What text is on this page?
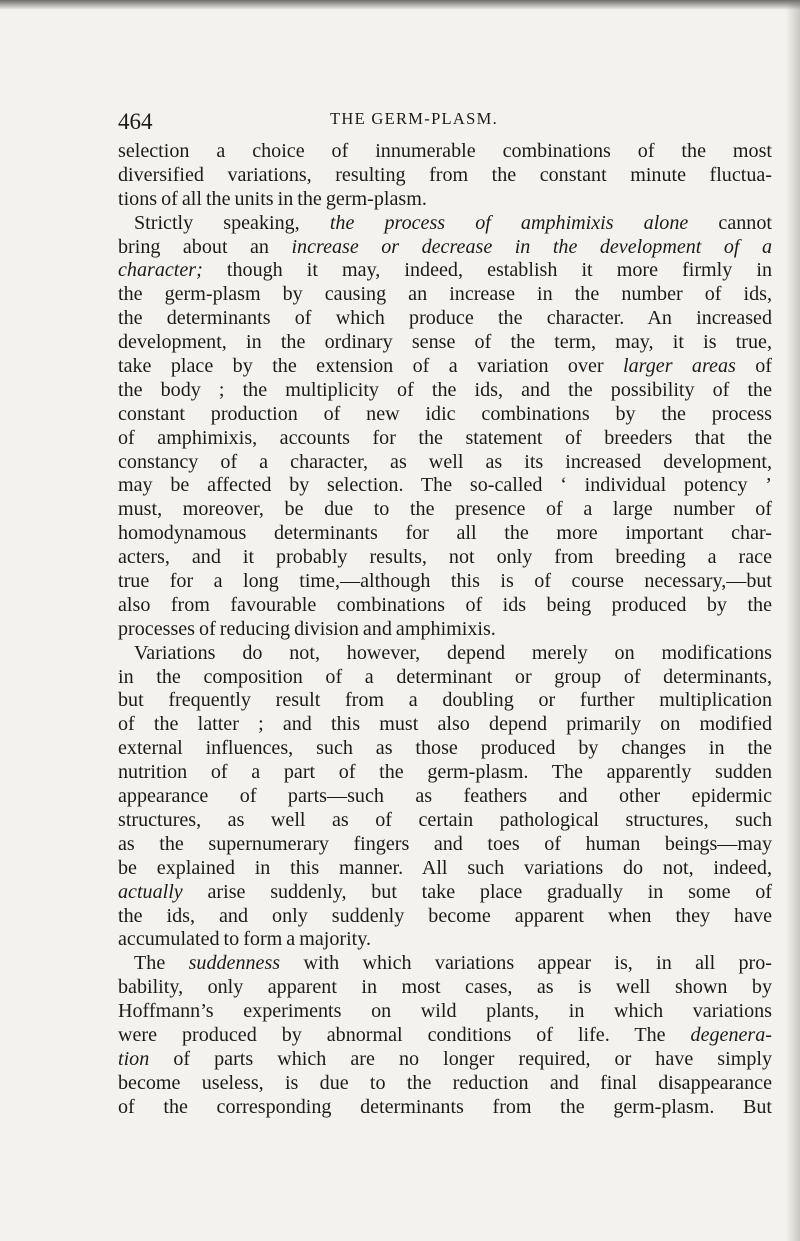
464	THE GERM-PLASM.
selection a choice of innumerable combinations of the most
diversified variations, resulting from the constant minute fluctua-
tions of all the units in the germ-plasm.
Strictly speaking, the process of amphimixis alone cannot
bring about an increase or decrease in the development of a
character; though it may, indeed, establish it more firmly in
the germ-plasm by causing an increase in the number of ids,
the determinants of which produce the character. An increased
development, in the ordinary sense of the term, may, it is true,
take place by the extension of a variation over larger areas of
the body ; the multiplicity of the ids, and the possibility of the
constant production of new idic combinations by the process
of amphimixis, accounts for the statement of breeders that the
constancy of a character, as well as its increased development,
may be affected by selection. The so-called ‘ individual potency ’
must, moreover, be due to the presence of a large number of
homodynamous determinants for all the more important char-
acters, and it probably results, not only from breeding a race
true for a long time,—although this is of course necessary,—but
also from favourable combinations of ids being produced by the
processes of reducing division and amphimixis.
Variations do not, however, depend merely on modifications
in the composition of a determinant or group of determinants,
but frequently result from a doubling or further multiplication
of the latter ; and this must also depend primarily on modified
external influences, such as those produced by changes in the
nutrition of a part of the germ-plasm. The apparently sudden
appearance of parts—such as feathers and other epidermic
structures, as well as of certain pathological structures, such
as the supernumerary fingers and toes of human beings—may
be explained in this manner. All such variations do not, indeed,
actually arise suddenly, but take place gradually in some of
the ids, and only suddenly become apparent when they have
accumulated to form a majority.
The suddenness with which variations appear is, in all pro-
bability, only apparent in most cases, as is well shown by
Hoffmann’s experiments on wild plants, in which variations
were produced by abnormal conditions of life. The degenera-
tion of parts which are no longer required, or have simply
become useless, is due to the reduction and final disappearance
of the corresponding determinants from the germ-plasm. But
